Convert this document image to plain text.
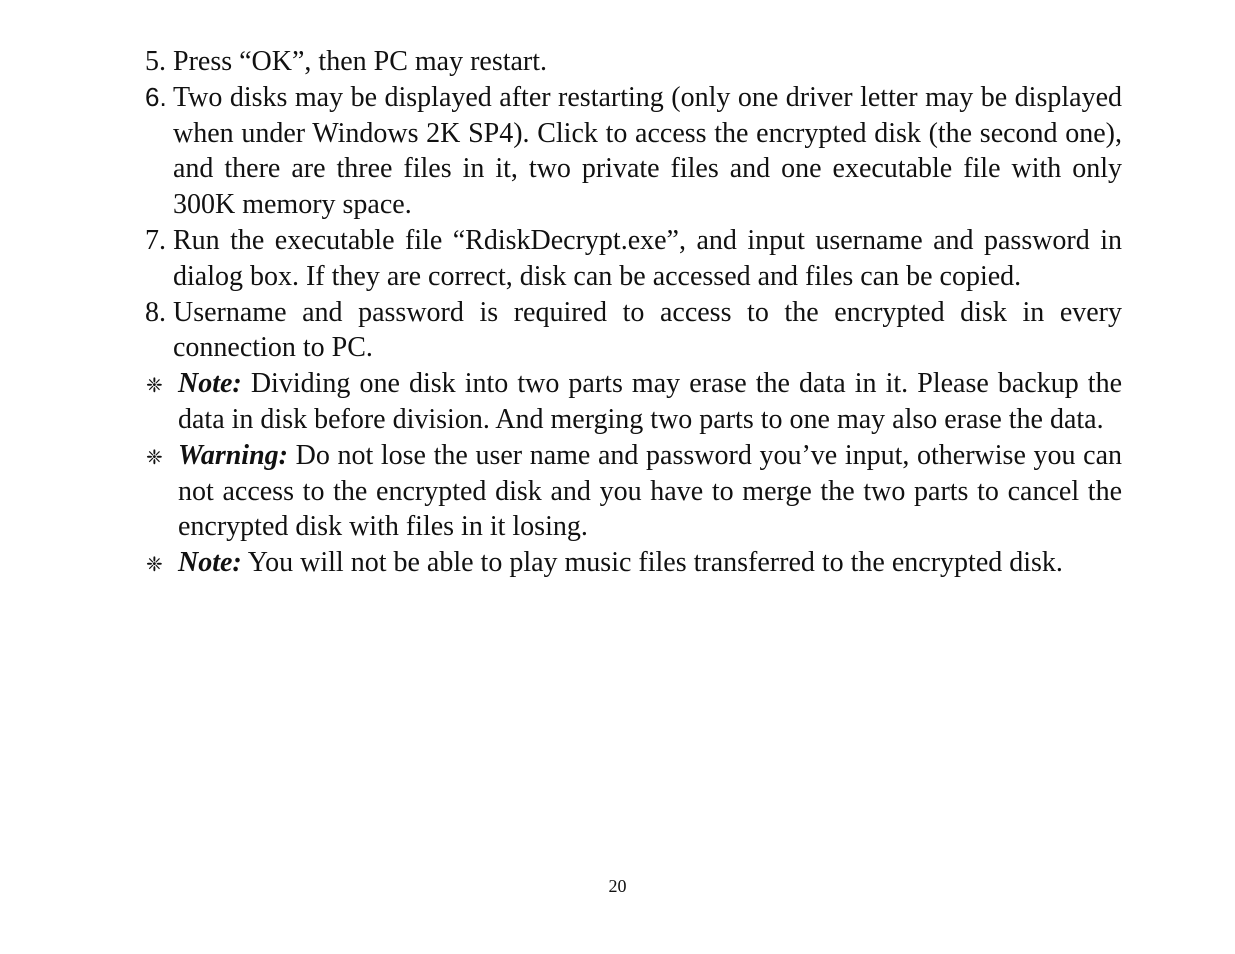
5. Press “OK”, then PC may restart.
6. Two disks may be displayed after restarting (only one driver letter may be displayed when under Windows 2K SP4). Click to access the encrypted disk (the second one), and there are three files in it, two private files and one executable file with only 300K memory space.
7. Run the executable file “RdiskDecrypt.exe”, and input username and password in dialog box. If they are correct, disk can be accessed and files can be copied.
8. Username and password is required to access to the encrypted disk in every connection to PC.
❈ Note: Dividing one disk into two parts may erase the data in it. Please backup the data in disk before division. And merging two parts to one may also erase the data.
❈ Warning: Do not lose the user name and password you’ve input, otherwise you can not access to the encrypted disk and you have to merge the two parts to cancel the encrypted disk with files in it losing.
❈ Note: You will not be able to play music files transferred to the encrypted disk.
20
